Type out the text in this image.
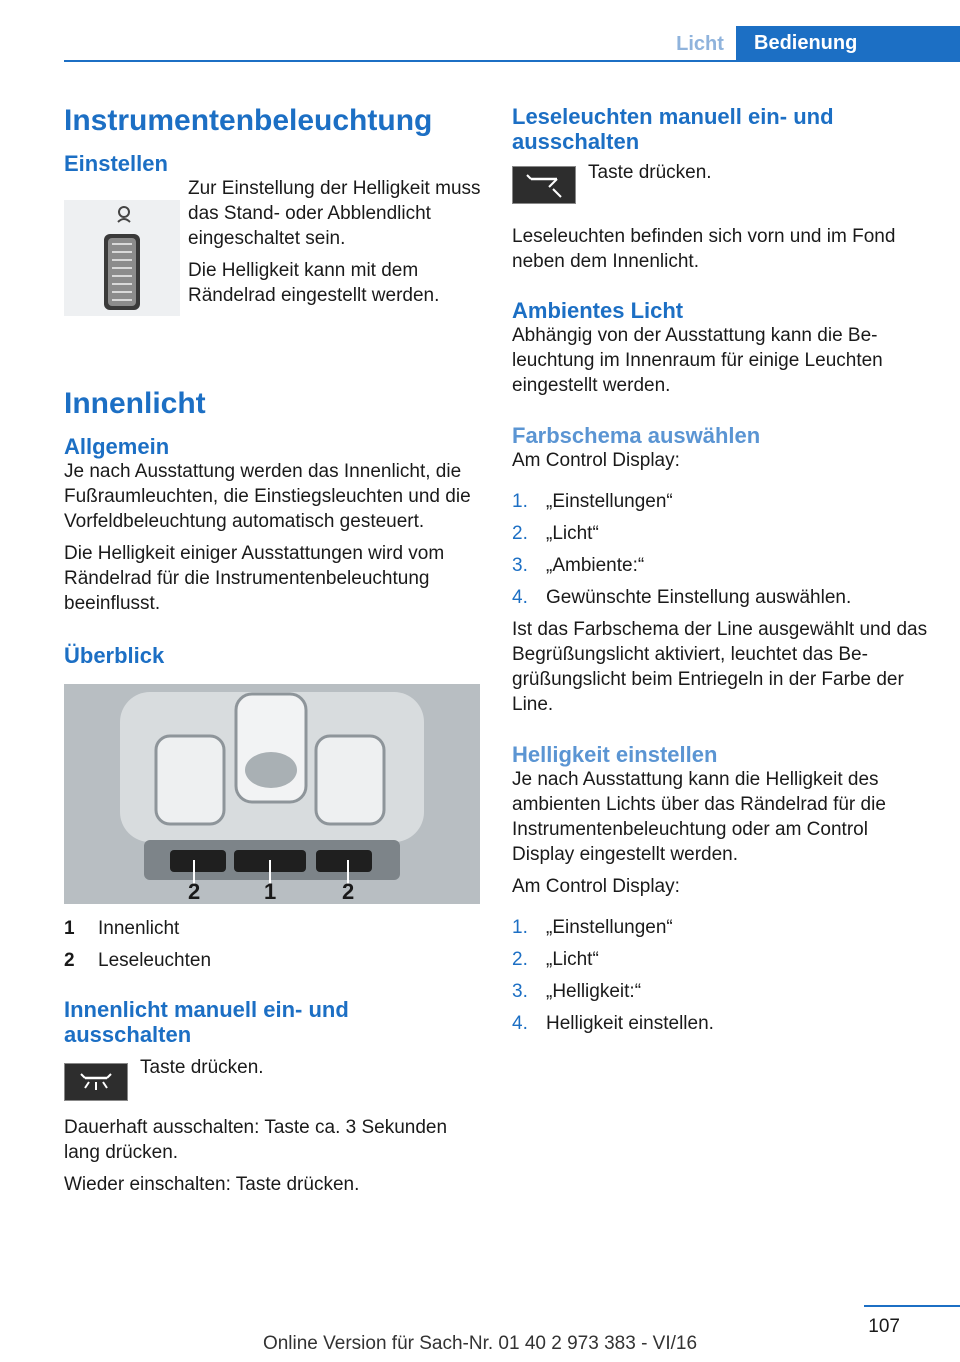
Licht	Bedienung
Instrumentenbeleuchtung
Einstellen

Zur Einstellung der Helligkeit muss das Stand- oder Abblendlicht eingeschaltet sein.

Die Helligkeit kann mit dem Rändelrad eingestellt werden.

Innenlicht
Allgemein

Je nach Ausstattung werden das Innenlicht, die Fußraumleuchten, die Einstiegsleuchten und die Vorfeldbeleuchtung automatisch gesteuert.

Die Helligkeit einiger Ausstattungen wird vom Rändelrad für die Instrumentenbeleuchtung beeinflusst.

Überblick
2	1	2
1 Innenlicht
2 Leseleuchten
Innenlicht manuell ein- und ausschalten

Taste drücken.

Dauerhaft ausschalten: Taste ca. 3 Sekunden lang drücken.

Wieder einschalten: Taste drücken.

Leseleuchten manuell ein- und ausschalten

Taste drücken.

Leseleuchten befinden sich vorn und im Fond neben dem Innenlicht.

Ambientes Licht

Abhängig von der Ausstattung kann die Beleuchtung im Innenraum für einige Leuchten eingestellt werden.

Farbschema auswählen

Am Control Display:

1. „Einstellungen“
2. „Licht“
3. „Ambiente:“
4. Gewünschte Einstellung auswählen.

Ist das Farbschema der Line ausgewählt und das Begrüßungslicht aktiviert, leuchtet das Begrüßungslicht beim Entriegeln in der Farbe der Line.

Helligkeit einstellen

Je nach Ausstattung kann die Helligkeit des ambienten Lichts über das Rändelrad für die Instrumentenbeleuchtung oder am Control Display eingestellt werden.

Am Control Display:

1. „Einstellungen“
2. „Licht“
3. „Helligkeit:“
4. Helligkeit einstellen.
107
Online Version für Sach-Nr. 01 40 2 973 383 - VI/16
